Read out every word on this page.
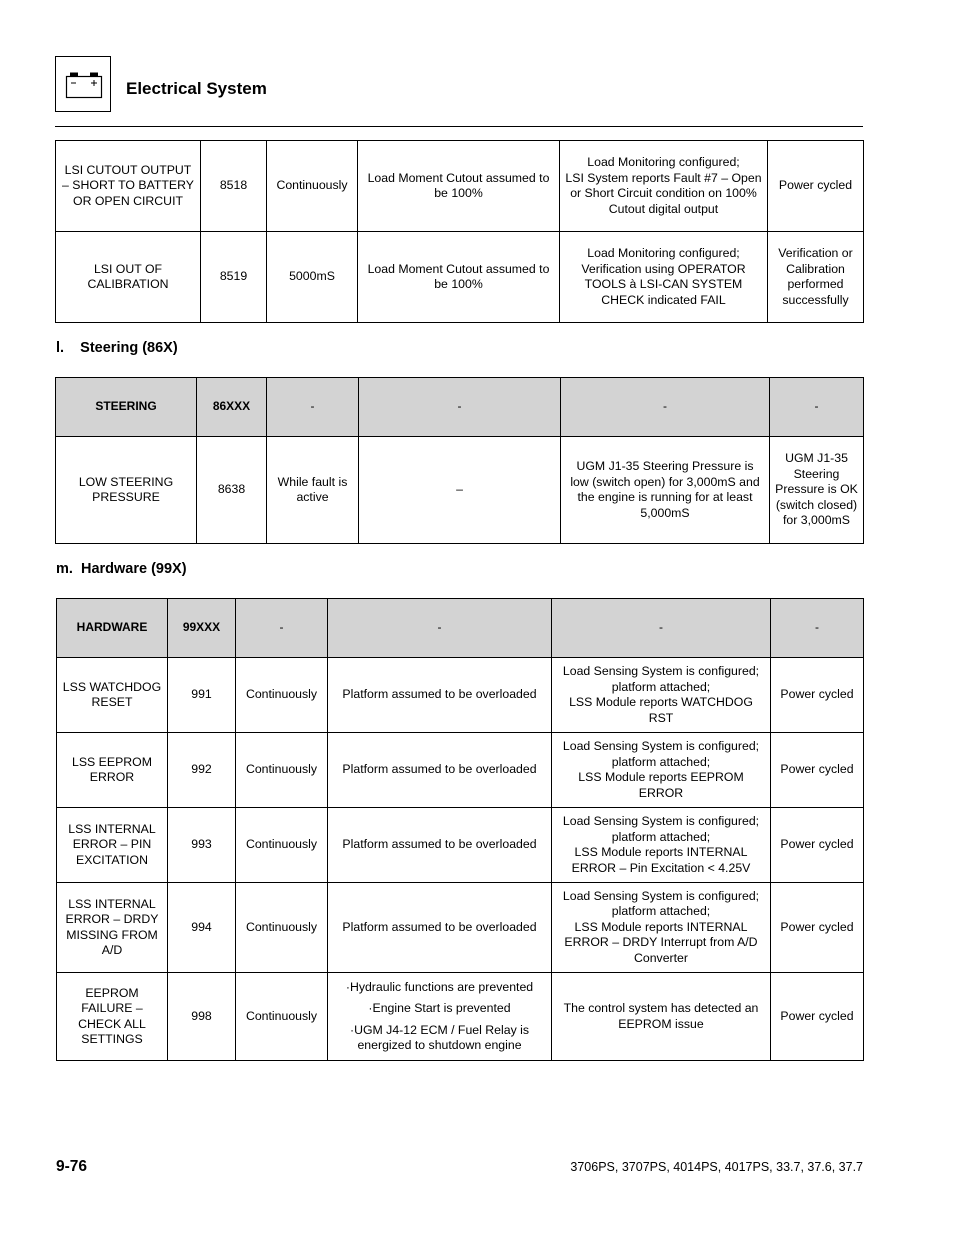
Electrical System
LSI CUTOUT OUTPUT – SHORT TO BATTERY OR OPEN CIRCUIT	8518	Continuously	Load Moment Cutout assumed to be 100%	Load Monitoring configured;
LSI System reports Fault #7 – Open or Short Circuit condition on 100% Cutout digital output	Power cycled
LSI OUT OF CALIBRATION	8519	5000mS	Load Moment Cutout assumed to be 100%	Load Monitoring configured;
Verification using OPERATOR TOOLS à LSI-CAN SYSTEM CHECK indicated FAIL	Verification or Calibration performed successfully
l.    Steering (86X)
STEERING	86XXX	-	-	-	-
LOW STEERING PRESSURE	8638	While fault is active	–	UGM J1-35 Steering Pressure is low (switch open) for 3,000mS and the engine is running for at least 5,000mS	UGM J1-35 Steering Pressure is OK (switch closed) for 3,000mS
m.  Hardware (99X)
HARDWARE	99XXX	-	-	-	-
LSS WATCHDOG RESET	991	Continuously	Platform assumed to be overloaded	Load Sensing System is configured; platform attached;
LSS Module reports WATCHDOG RST	Power cycled
LSS EEPROM ERROR	992	Continuously	Platform assumed to be overloaded	Load Sensing System is configured; platform attached;
LSS Module reports EEPROM ERROR	Power cycled
LSS INTERNAL ERROR – PIN EXCITATION	993	Continuously	Platform assumed to be overloaded	Load Sensing System is configured; platform attached;
LSS Module reports INTERNAL ERROR – Pin Excitation < 4.25V	Power cycled
LSS INTERNAL ERROR – DRDY MISSING FROM A/D	994	Continuously	Platform assumed to be overloaded	Load Sensing System is configured; platform attached;
LSS Module reports INTERNAL ERROR – DRDY Interrupt from A/D Converter	Power cycled
EEPROM FAILURE – CHECK ALL SETTINGS	998	Continuously	·Hydraulic functions are prevented
·Engine Start is prevented
·UGM J4-12 ECM / Fuel Relay is energized to shutdown engine	The control system has detected an EEPROM issue	Power cycled
9-76	3706PS, 3707PS, 4014PS, 4017PS, 33.7, 37.6, 37.7
